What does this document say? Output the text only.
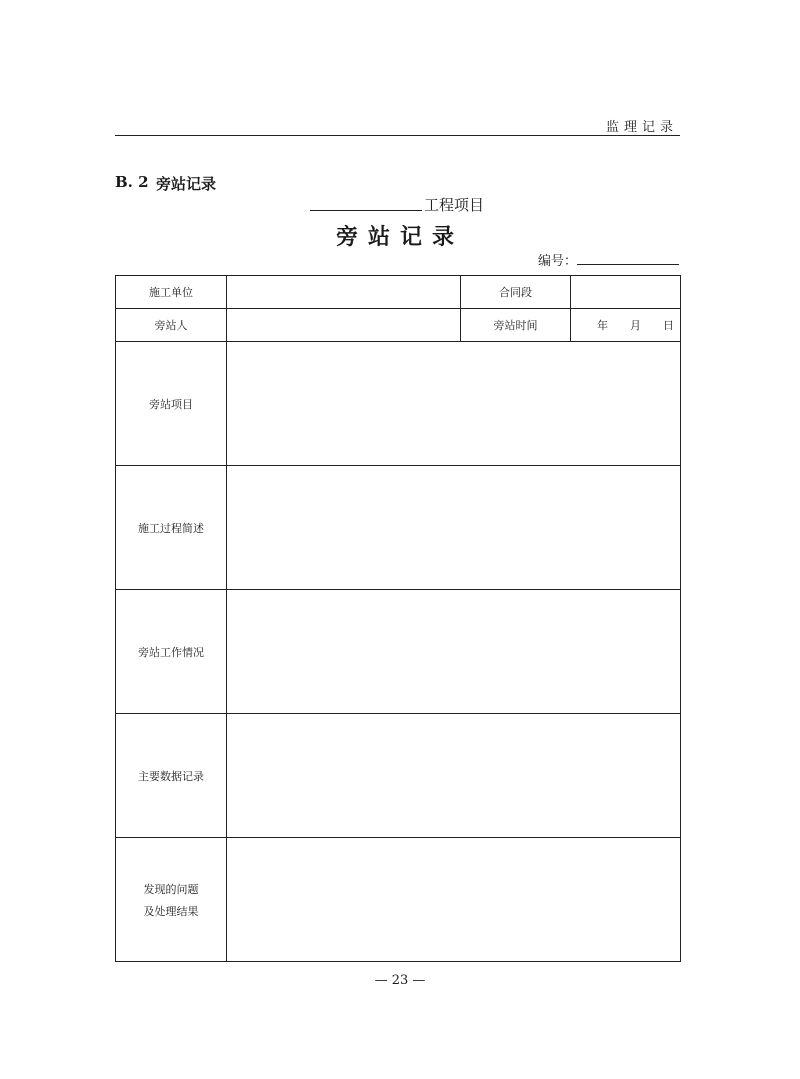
监理记录
B. 2 旁站记录
工程项目
旁站记录
编号：
施工单位		合同段	
旁站人		旁站时间	年 月 日

旁站项目			
施工过程简述			
旁站工作情况			
主要数据记录			

发现的问题
及处理结果			

— 23 —
